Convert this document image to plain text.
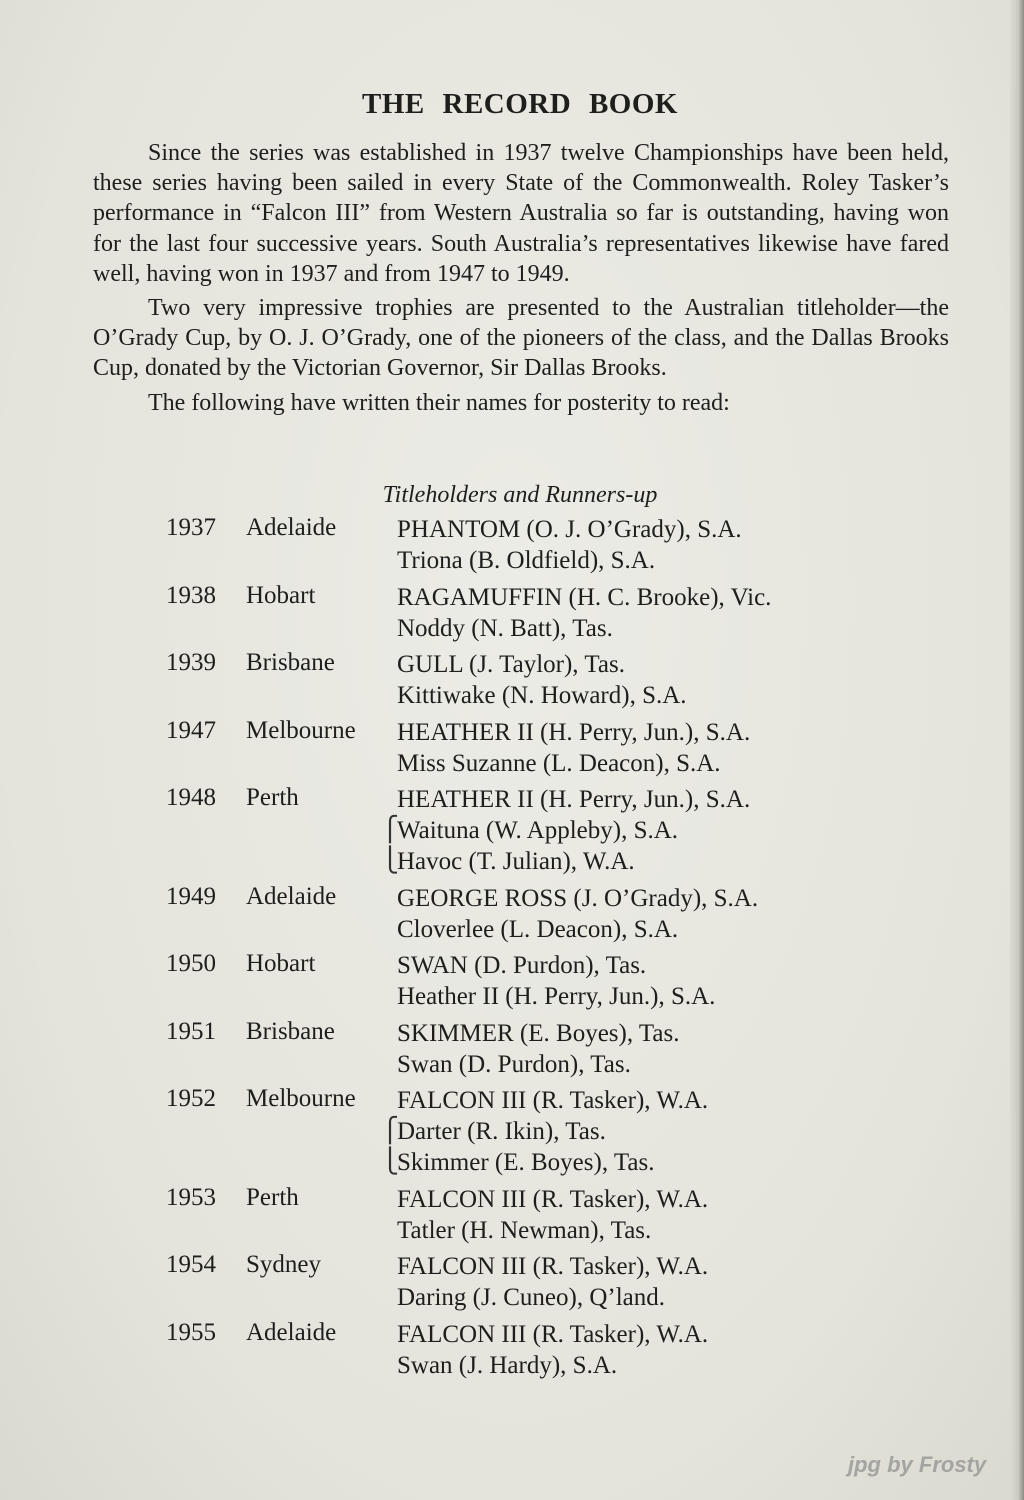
THE RECORD BOOK

Since the series was established in 1937 twelve Championships have been held, these series having been sailed in every State of the Commonwealth. Roley Tasker’s performance in “Falcon III” from Western Australia so far is outstanding, having won for the last four successive years. South Australia’s representatives likewise have fared well, having won in 1937 and from 1947 to 1949.

Two very impressive trophies are presented to the Australian titleholder—the O’Grady Cup, by O. J. O’Grady, one of the pioneers of the class, and the Dallas Brooks Cup, donated by the Victorian Governor, Sir Dallas Brooks.

The following have written their names for posterity to read:

Titleholders and Runners-up
1937	Adelaide PHANTOM (O. J. O’Grady), S.A.
Triona (B. Oldfield), S.A.
1938	Hobart	RAGAMUFFIN (H. C. Brooke), Vic.
Noddy (N. Batt), Tas.
1939	Brisbane GULL (J. Taylor), Tas.
Kittiwake (N. Howard), S.A.
1947	Melbourne HEATHER II (H. Perry, Jun.), S.A.
Miss Suzanne (L. Deacon), S.A.
1948	Perth	HEATHER II (H. Perry, Jun.), S.A.
⎧
Waituna (W. Appleby), S.A.
⎩
Havoc (T. Julian), W.A.
1949	Adelaide GEORGE ROSS (J. O’Grady), S.A.
Cloverlee (L. Deacon), S.A.
1950	Hobart	SWAN (D. Purdon), Tas.
Heather II (H. Perry, Jun.), S.A.
1951	Brisbane SKIMMER (E. Boyes), Tas.
Swan (D. Purdon), Tas.
1952	Melbourne FALCON III (R. Tasker), W.A.
⎧
Darter (R. Ikin), Tas.
⎩
Skimmer (E. Boyes), Tas.
1953	Perth	FALCON III (R. Tasker), W.A.
Tatler (H. Newman), Tas.
1954	Sydney	FALCON III (R. Tasker), W.A.
Daring (J. Cuneo), Q’land.
1955	Adelaide FALCON III (R. Tasker), W.A.
Swan (J. Hardy), S.A.
jpg by Frosty
